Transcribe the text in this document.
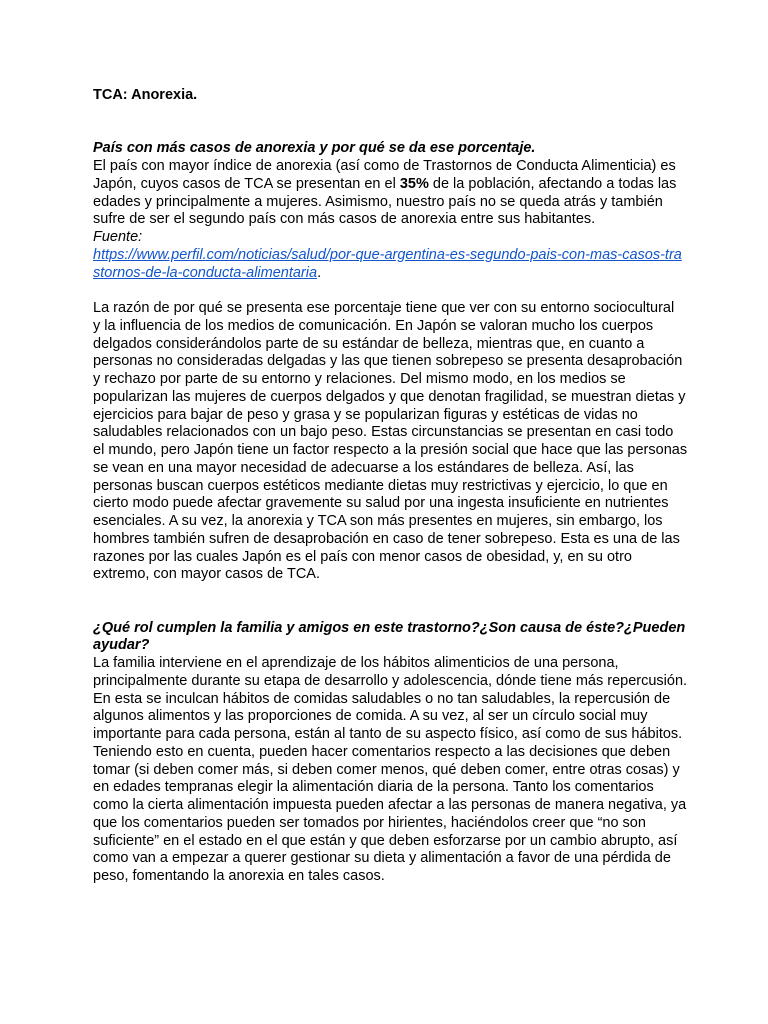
TCA: Anorexia.
País con más casos de anorexia y por qué se da ese porcentaje.
El país con mayor índice de anorexia (así como de Trastornos de Conducta Alimenticia) es
Japón, cuyos casos de TCA se presentan en el 35% de la población, afectando a todas las
edades y principalmente a mujeres. Asimismo, nuestro país no se queda atrás y también
sufre de ser el segundo país con más casos de anorexia entre sus habitantes.
Fuente:
https://www.perfil.com/noticias/salud/por-que-argentina-es-segundo-pais-con-mas-casos-tra
stornos-de-la-conducta-alimentaria.
La razón de por qué se presenta ese porcentaje tiene que ver con su entorno sociocultural
y la influencia de los medios de comunicación. En Japón se valoran mucho los cuerpos
delgados considerándolos parte de su estándar de belleza, mientras que, en cuanto a
personas no consideradas delgadas y las que tienen sobrepeso se presenta desaprobación
y rechazo por parte de su entorno y relaciones. Del mismo modo, en los medios se
popularizan las mujeres de cuerpos delgados y que denotan fragilidad, se muestran dietas y
ejercicios para bajar de peso y grasa y se popularizan figuras y estéticas de vidas no
saludables relacionados con un bajo peso. Estas circunstancias se presentan en casi todo
el mundo, pero Japón tiene un factor respecto a la presión social que hace que las personas
se vean en una mayor necesidad de adecuarse a los estándares de belleza. Así, las
personas buscan cuerpos estéticos mediante dietas muy restrictivas y ejercicio, lo que en
cierto modo puede afectar gravemente su salud por una ingesta insuficiente en nutrientes
esenciales. A su vez, la anorexia y TCA son más presentes en mujeres, sin embargo, los
hombres también sufren de desaprobación en caso de tener sobrepeso. Esta es una de las
razones por las cuales Japón es el país con menor casos de obesidad, y, en su otro
extremo, con mayor casos de TCA.
¿Qué rol cumplen la familia y amigos en este trastorno?¿Son causa de éste?¿Pueden
ayudar?
La familia interviene en el aprendizaje de los hábitos alimenticios de una persona,
principalmente durante su etapa de desarrollo y adolescencia, dónde tiene más repercusión.
En esta se inculcan hábitos de comidas saludables o no tan saludables, la repercusión de
algunos alimentos y las proporciones de comida. A su vez, al ser un círculo social muy
importante para cada persona, están al tanto de su aspecto físico, así como de sus hábitos.
Teniendo esto en cuenta, pueden hacer comentarios respecto a las decisiones que deben
tomar (si deben comer más, si deben comer menos, qué deben comer, entre otras cosas) y
en edades tempranas elegir la alimentación diaria de la persona. Tanto los comentarios
como la cierta alimentación impuesta pueden afectar a las personas de manera negativa, ya
que los comentarios pueden ser tomados por hirientes, haciéndolos creer que “no son
suficiente” en el estado en el que están y que deben esforzarse por un cambio abrupto, así
como van a empezar a querer gestionar su dieta y alimentación a favor de una pérdida de
peso, fomentando la anorexia en tales casos.
